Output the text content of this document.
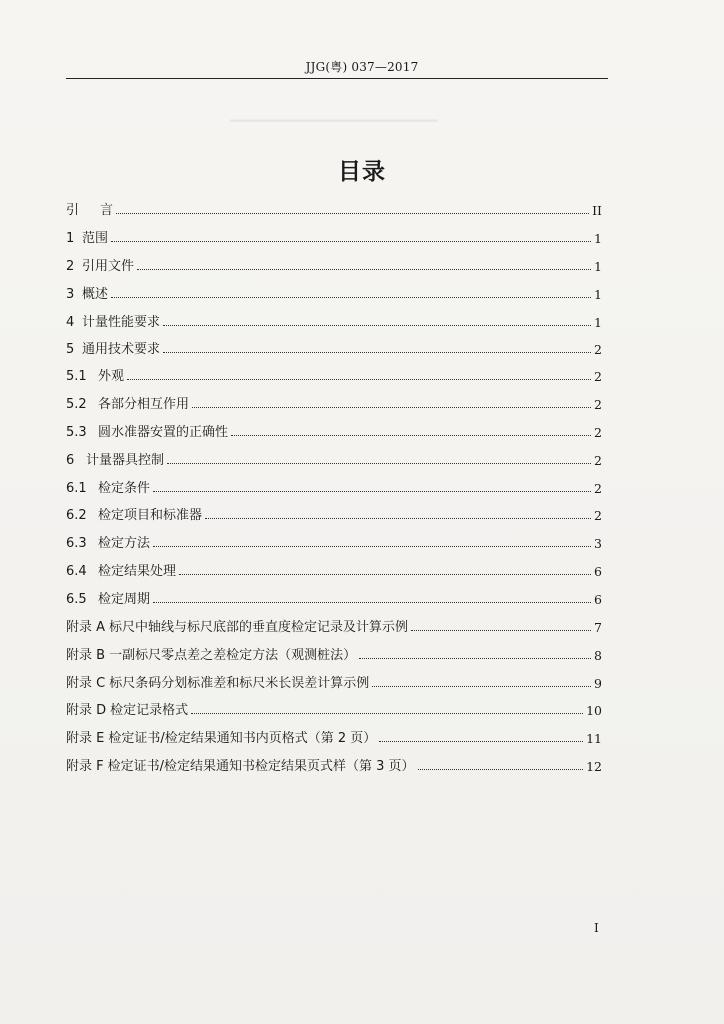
▁▁▁▁▁▁▁▁▁▁▁▁▁▁▁▁▁▁
JJG(粤) 037—2017
目录
引	言	II
1 范围	1
2 引用文件	1
3 概述	1
4 计量性能要求	1
5 通用技术要求	2
5.1 外观	2
5.2 各部分相互作用	2
5.3 圆水准器安置的正确性	2
6 计量器具控制	2
6.1 检定条件	2
6.2 检定项目和标准器	2
6.3 检定方法	3
6.4 检定结果处理	6
6.5 检定周期	6
附录 A 标尺中轴线与标尺底部的垂直度检定记录及计算示例	7
附录 B 一副标尺零点差之差检定方法（观测桩法）	8
附录 C 标尺条码分划标准差和标尺米长误差计算示例	9
附录 D 检定记录格式	10
附录 E 检定证书/检定结果通知书内页格式（第 2 页）	11
附录 F 检定证书/检定结果通知书检定结果页式样（第 3 页）	12
I
